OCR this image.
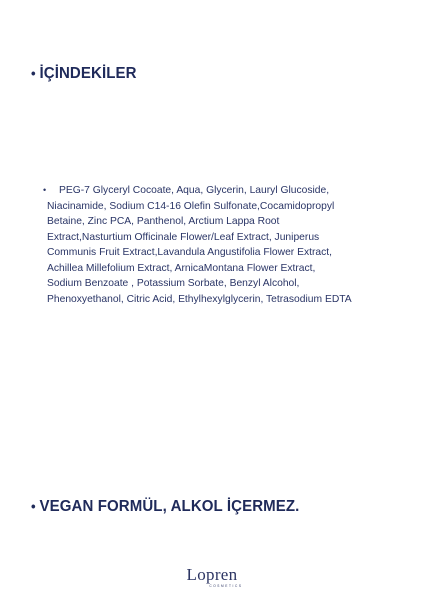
• İÇİNDEKİLER
• PEG-7 Glyceryl Cocoate, Aqua, Glycerin, Lauryl Glucoside,
Niacinamide, Sodium C14-16 Olefin Sulfonate,Cocamidopropyl
Betaine, Zinc PCA, Panthenol, Arctium Lappa Root
Extract,Nasturtium Officinale Flower/Leaf Extract, Juniperus
Communis Fruit Extract,Lavandula Angustifolia Flower Extract,
Achillea Millefolium Extract, ArnicaMontana Flower Extract,
Sodium Benzoate , Potassium Sorbate, Benzyl Alcohol,
Phenoxyethanol, Citric Acid, Ethylhexylglycerin, Tetrasodium EDTA
• VEGAN FORMÜL, ALKOL İÇERMEZ.
Lopren
COSMETICS
